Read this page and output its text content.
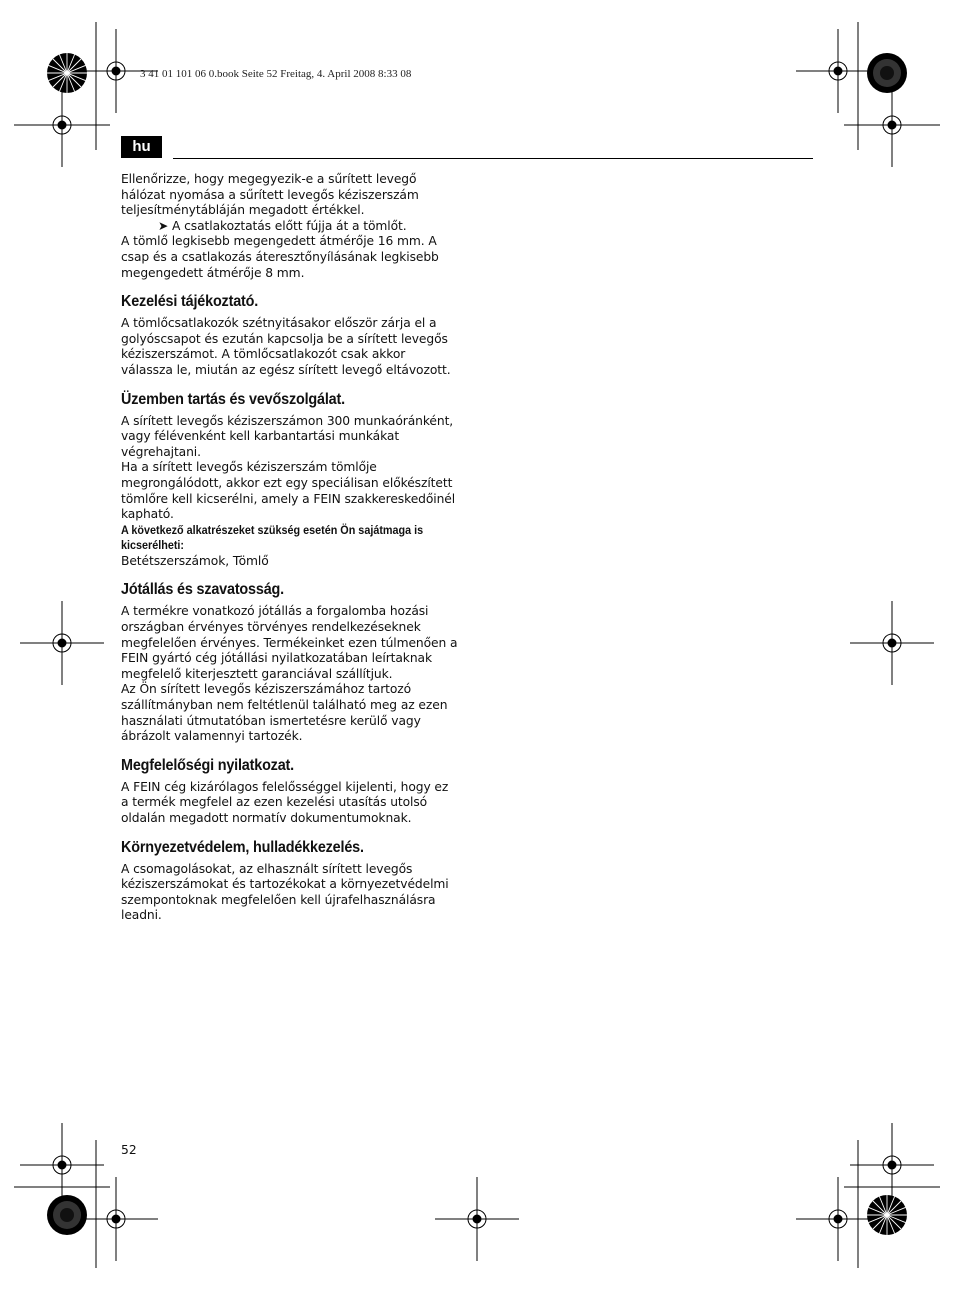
3 41 01 101 06 0.book Seite 52 Freitag, 4. April 2008 8:33 08
hu

Ellenőrizze, hogy megegyezik-e a sűrített levegő hálózat nyomása a sűrített levegős kéziszerszám teljesítménytábláján megadott értékkel.

➤ A csatlakoztatás előtt fújja át a tömlőt.

A tömlő legkisebb megengedett átmérője 16 mm. A csap és a csatlakozás áteresztőnyílásának legkisebb megengedett átmérője 8 mm.

Kezelési tájékoztató.

A tömlőcsatlakozók szétnyitásakor először zárja el a golyóscsapot és ezután kapcsolja be a sírített levegős kéziszerszámot. A tömlőcsatlakozót csak akkor válassza le, miután az egész sírített levegő eltávozott.

Üzemben tartás és vevőszolgálat.

A sírített levegős kéziszerszámon 300 munkaóránként, vagy félévenként kell karbantartási munkákat végrehajtani.

Ha a sírített levegős kéziszerszám tömlője megrongálódott, akkor ezt egy speciálisan előkészített tömlőre kell kicserélni, amely a FEIN szakkereskedőinél kapható.

A következő alkatrészeket szükség esetén Ön sajátmaga is
kicserélheti:

Betétszerszámok, Tömlő

Jótállás és szavatosság.

A termékre vonatkozó jótállás a forgalomba hozási országban érvényes törvényes rendelkezéseknek megfelelően érvényes. Termékeinket ezen túlmenően a FEIN gyártó cég jótállási nyilatkozatában leírtaknak megfelelő kiterjesztett garanciával szállítjuk.

Az Ön sírített levegős kéziszerszámához tartozó szállítmányban nem feltétlenül található meg az ezen használati útmutatóban ismertetésre kerülő vagy ábrázolt valamennyi tartozék.

Megfelelőségi nyilatkozat.

A FEIN cég kizárólagos felelősséggel kijelenti, hogy ez a termék megfelel az ezen kezelési utasítás utolsó oldalán megadott normatív dokumentumoknak.

Környezetvédelem, hulladékkezelés.

A csomagolásokat, az elhasznált sírített levegős kéziszerszámokat és tartozékokat a környezetvédelmi szempontoknak megfelelően kell újrafelhasználásra leadni.

52
